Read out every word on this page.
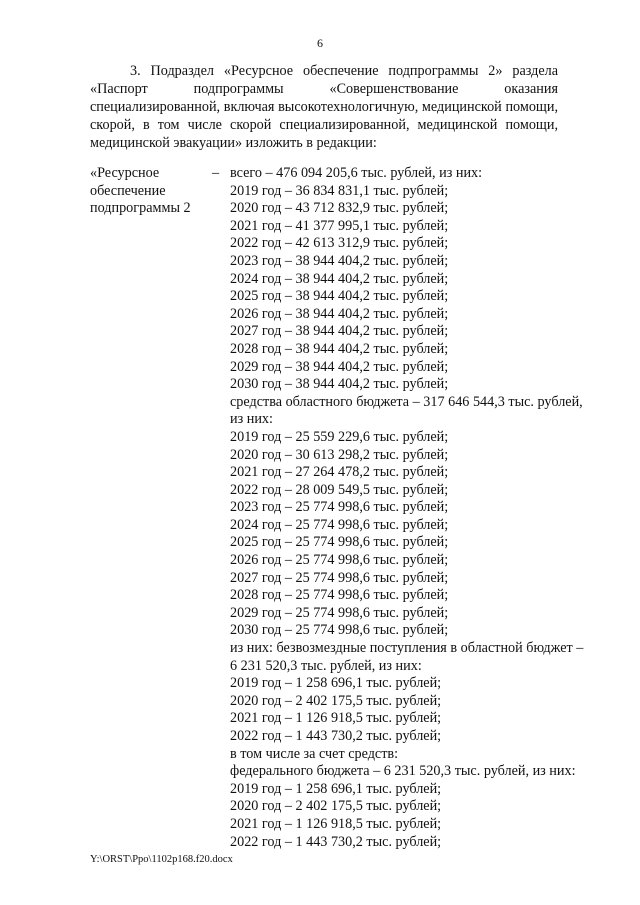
6

3. Подраздел «Ресурсное обеспечение подпрограммы 2» раздела «Паспорт подпрограммы «Совершенствование оказания специализированной, включая высокотехнологичную, медицинской помощи, скорой, в том числе скорой специализированной, медицинской помощи, медицинской эвакуации» изложить в редакции:

«Ресурсное
обеспечение
подпрограммы 2
– всего – 476 094 205,6 тыс. рублей, из них:
2019 год – 36 834 831,1 тыс. рублей;
2020 год – 43 712 832,9 тыс. рублей;
2021 год – 41 377 995,1 тыс. рублей;
2022 год – 42 613 312,9 тыс. рублей;
2023 год – 38 944 404,2 тыс. рублей;
2024 год – 38 944 404,2 тыс. рублей;
2025 год – 38 944 404,2 тыс. рублей;
2026 год – 38 944 404,2 тыс. рублей;
2027 год – 38 944 404,2 тыс. рублей;
2028 год – 38 944 404,2 тыс. рублей;
2029 год – 38 944 404,2 тыс. рублей;
2030 год – 38 944 404,2 тыс. рублей;
средства областного бюджета – 317 646 544,3 тыс. рублей,
из них:
2019 год – 25 559 229,6 тыс. рублей;
2020 год – 30 613 298,2 тыс. рублей;
2021 год – 27 264 478,2 тыс. рублей;
2022 год – 28 009 549,5 тыс. рублей;
2023 год – 25 774 998,6 тыс. рублей;
2024 год – 25 774 998,6 тыс. рублей;
2025 год – 25 774 998,6 тыс. рублей;
2026 год – 25 774 998,6 тыс. рублей;
2027 год – 25 774 998,6 тыс. рублей;
2028 год – 25 774 998,6 тыс. рублей;
2029 год – 25 774 998,6 тыс. рублей;
2030 год – 25 774 998,6 тыс. рублей;
из них: безвозмездные поступления в областной бюджет –
6 231 520,3 тыс. рублей, из них:
2019 год – 1 258 696,1 тыс. рублей;
2020 год – 2 402 175,5 тыс. рублей;
2021 год – 1 126 918,5 тыс. рублей;
2022 год – 1 443 730,2 тыс. рублей;
в том числе за счет средств:
федерального бюджета – 6 231 520,3 тыс. рублей, из них:
2019 год – 1 258 696,1 тыс. рублей;
2020 год – 2 402 175,5 тыс. рублей;
2021 год – 1 126 918,5 тыс. рублей;
2022 год – 1 443 730,2 тыс. рублей;
Y:\ORST\Ppo\1102p168.f20.docx
